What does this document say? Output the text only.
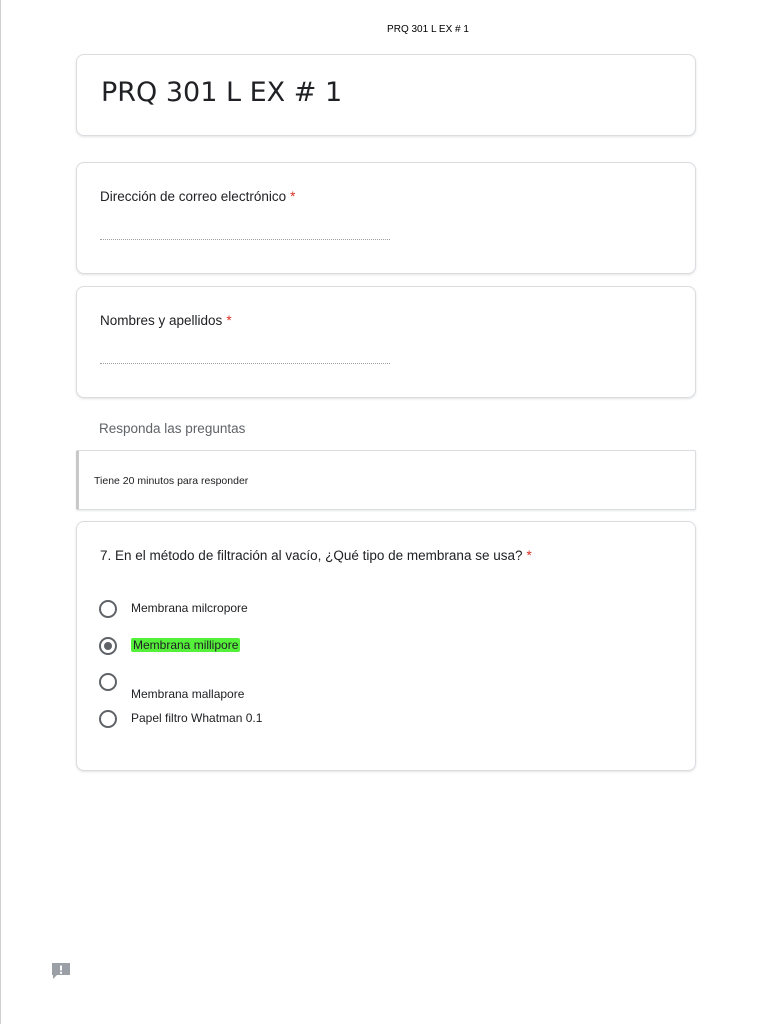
PRQ 301 L EX # 1
PRQ 301 L EX # 1
Dirección de correo electrónico *
Nombres y apellidos *
Responda las preguntas
Tiene 20 minutos para responder
7. En el método de filtración al vacío, ¿Qué tipo de membrana se usa? *
Membrana milcropore
Membrana millipore
Membrana mallapore
Papel filtro Whatman 0.1
